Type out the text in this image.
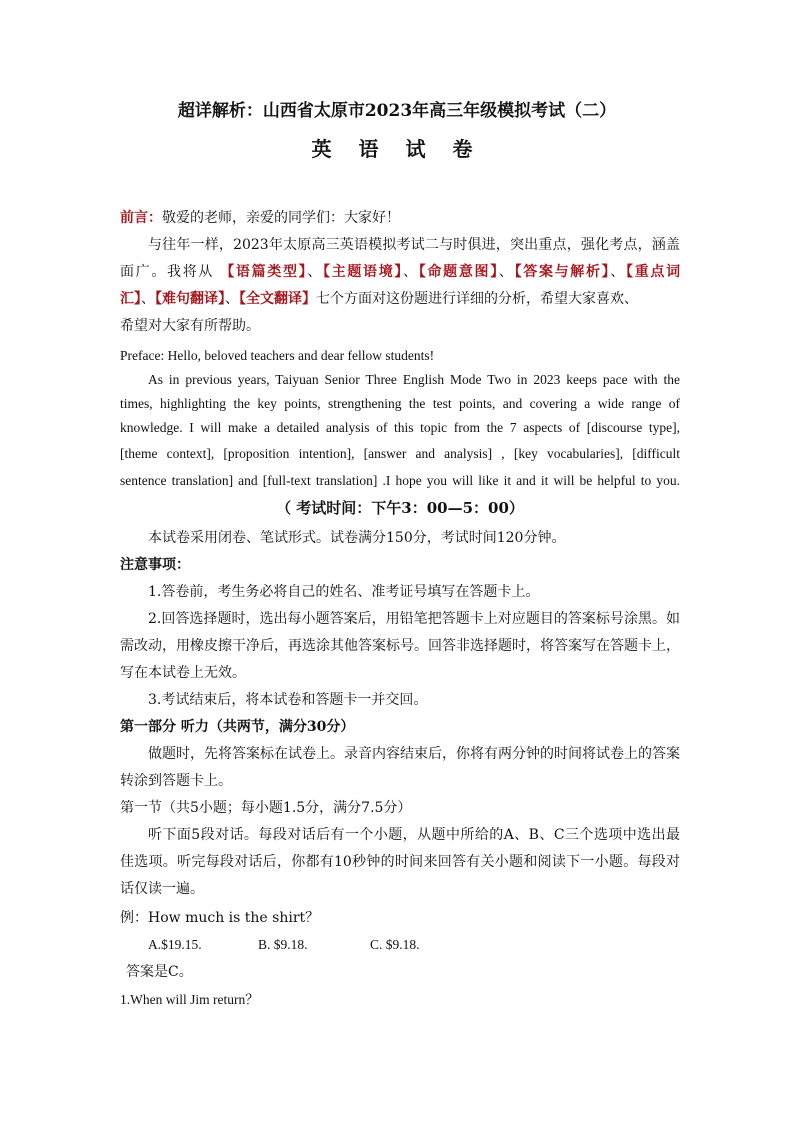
超详解析：山西省太原市2023年高三年级模拟考试（二）
英 语 试 卷
前言：敬爱的老师，亲爱的同学们：大家好！
与往年一样，2023年太原高三英语模拟考试二与时俱进，突出重点，强化考点，涵盖
面广。我将从 【语篇类型】、【主题语境】、【命题意图】、【答案与解析】、【重点词
汇】、【难句翻译】、【全文翻译】七个方面对这份题进行详细的分析，希望大家喜欢、
希望对大家有所帮助。
Preface: Hello, beloved teachers and dear fellow students!
As in previous years, Taiyuan Senior Three English Mode Two in 2023 keeps pace with the
times, highlighting the key points, strengthening the test points, and covering a wide range of
knowledge. I will make a detailed analysis of this topic from the 7 aspects of [discourse type],
[theme context], [proposition intention], [answer and analysis] , [key vocabularies], [difficult
sentence translation] and [full-text translation] .I hope you will like it and it will be helpful to you.
（ 考试时间：下午3：00—5：00）
本试卷采用闭卷、笔试形式。试卷满分150分，考试时间120分钟。
注意事项：
1.答卷前，考生务必将自己的姓名、准考证号填写在答题卡上。
2.回答选择题时，选出每小题答案后，用铅笔把答题卡上对应题目的答案标号涂黑。如
需改动，用橡皮擦干净后，再选涂其他答案标号。回答非选择题时，将答案写在答题卡上，
写在本试卷上无效。
3.考试结束后，将本试卷和答题卡一并交回。
第一部分 听力（共两节，满分30分）
做题时，先将答案标在试卷上。录音内容结束后，你将有两分钟的时间将试卷上的答案
转涂到答题卡上。
第一节（共5小题；每小题1.5分，满分7.5分）
听下面5段对话。每段对话后有一个小题，从题中所给的A、B、C三个选项中选出最
佳选项。听完每段对话后，你都有10秒钟的时间来回答有关小题和阅读下一小题。每段对
话仅读一遍。
例：How much is the shirt？
A.$19.15.	B. $9.18.	C. $9.18.
答案是C。
1.When will Jim return？
